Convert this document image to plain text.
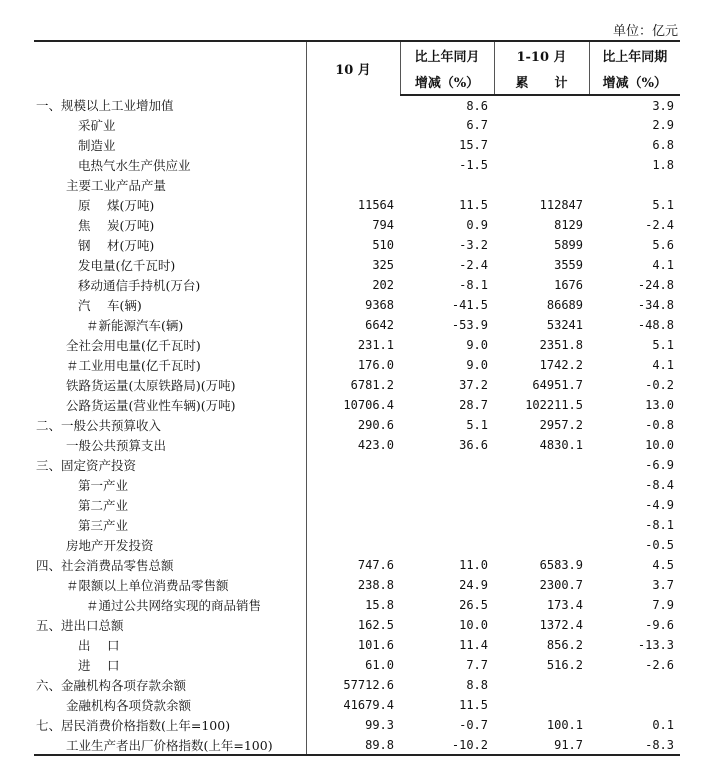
单位：亿元
	10 月	比上年同月	1-10 月	比上年同期
		增减（%）	累　　计	增减（%）
一、规模以上工业增加值		8.6		3.9
采矿业		6.7		2.9
制造业		15.7		6.8
电热气水生产供应业		-1.5		1.8
主要工业产品产量				
原　 煤(万吨)	11564	11.5	112847	5.1
焦　 炭(万吨)	794	0.9	8129	-2.4
钢　 材(万吨)	510	-3.2	5899	5.6
发电量(亿千瓦时)	325	-2.4	3559	4.1
移动通信手持机(万台)	202	-8.1	1676	-24.8
汽　 车(辆)	9368	-41.5	86689	-34.8
＃新能源汽车(辆)	6642	-53.9	53241	-48.8
全社会用电量(亿千瓦时)	231.1	9.0	2351.8	5.1
＃工业用电量(亿千瓦时)	176.0	9.0	1742.2	4.1
铁路货运量(太原铁路局)(万吨)	6781.2	37.2	64951.7	-0.2
公路货运量(营业性车辆)(万吨)	10706.4	28.7	102211.5	13.0
二、一般公共预算收入	290.6	5.1	2957.2	-0.8
一般公共预算支出	423.0	36.6	4830.1	10.0
三、固定资产投资				-6.9
第一产业				-8.4
第二产业				-4.9
第三产业				-8.1
房地产开发投资				-0.5
四、社会消费品零售总额	747.6	11.0	6583.9	4.5
＃限额以上单位消费品零售额	238.8	24.9	2300.7	3.7
＃通过公共网络实现的商品销售	15.8	26.5	173.4	7.9
五、进出口总额	162.5	10.0	1372.4	-9.6
出　 口	101.6	11.4	856.2	-13.3
进　 口	61.0	7.7	516.2	-2.6
六、金融机构各项存款余额	57712.6	8.8		
金融机构各项贷款余额	41679.4	11.5		
七、居民消费价格指数(上年=100)	99.3	-0.7	100.1	0.1
工业生产者出厂价格指数(上年=100)	89.8	-10.2	91.7	-8.3
